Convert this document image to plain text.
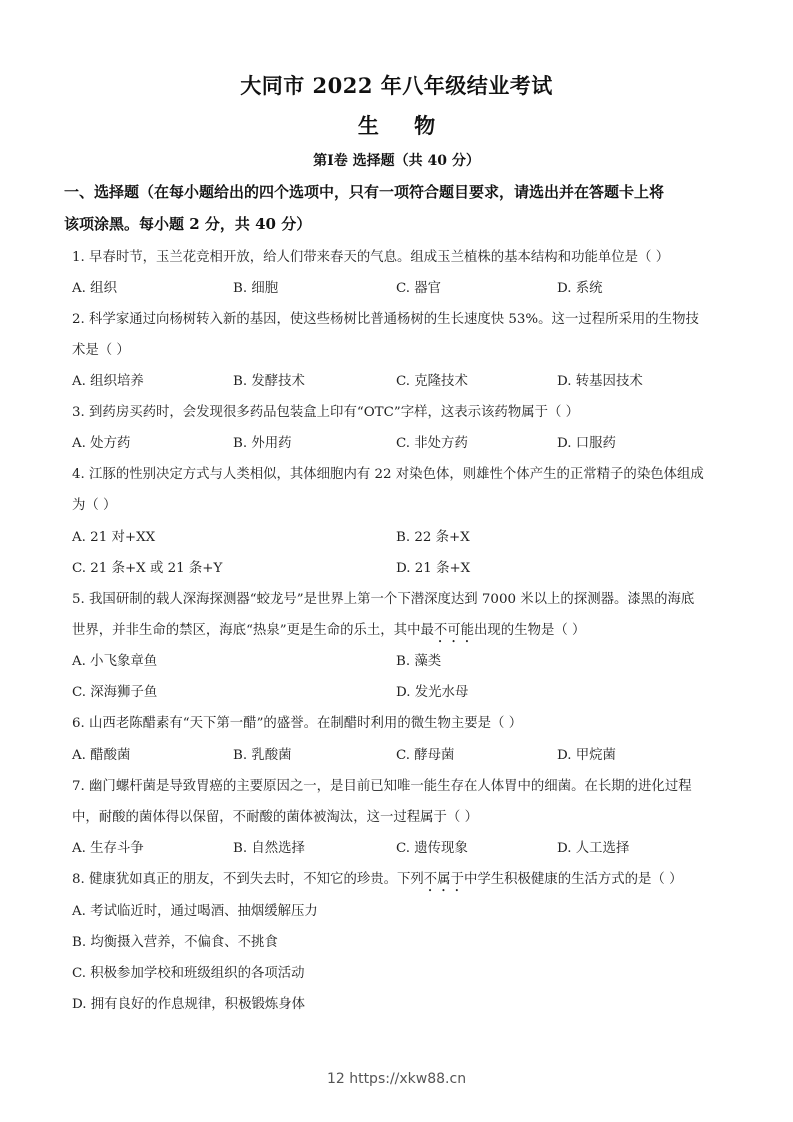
大同市 2022 年八年级结业考试
生 物
第Ⅰ卷 选择题（共 40 分）
一、选择题（在每小题给出的四个选项中，只有一项符合题目要求，请选出并在答题卡上将
该项涂黑。每小题 2 分，共 40 分）
1. 早春时节，玉兰花竞相开放，给人们带来春天的气息。组成玉兰植株的基本结构和功能单位是（ ）
A. 组织	B. 细胞	C. 器官	D. 系统
2. 科学家通过向杨树转入新的基因，使这些杨树比普通杨树的生长速度快 53%。这一过程所采用的生物技
术是（ ）
A. 组织培养	B. 发酵技术	C. 克隆技术	D. 转基因技术
3. 到药房买药时，会发现很多药品包装盒上印有“OTC”字样，这表示该药物属于（ ）
A. 处方药	B. 外用药	C. 非处方药	D. 口服药
4. 江豚的性别决定方式与人类相似，其体细胞内有 22 对染色体，则雄性个体产生的正常精子的染色体组成
为（ ）
A. 21 对+XX	B. 22 条+X
C. 21 条+X 或 21 条+Y	D. 21 条+X
5. 我国研制的载人深海探测器“蛟龙号”是世界上第一个下潜深度达到 7000 米以上的探测器。漆黑的海底
世界，并非生命的禁区，海底“热泉”更是生命的乐土，其中最不可能出现的生物是（ ）
A. 小飞象章鱼	B. 藻类
C. 深海狮子鱼	D. 发光水母
6. 山西老陈醋素有“天下第一醋”的盛誉。在制醋时利用的微生物主要是（ ）
A. 醋酸菌	B. 乳酸菌	C. 酵母菌	D. 甲烷菌
7. 幽门螺杆菌是导致胃癌的主要原因之一，是目前已知唯一能生存在人体胃中的细菌。在长期的进化过程
中，耐酸的菌体得以保留，不耐酸的菌体被淘汰，这一过程属于（ ）
A. 生存斗争	B. 自然选择	C. 遗传现象	D. 人工选择
8. 健康犹如真正的朋友，不到失去时，不知它的珍贵。下列不属于中学生积极健康的生活方式的是（ ）
A. 考试临近时，通过喝酒、抽烟缓解压力
B. 均衡摄入营养，不偏食、不挑食
C. 积极参加学校和班级组织的各项活动
D. 拥有良好的作息规律，积极锻炼身体
12 https://xkw88.cn
